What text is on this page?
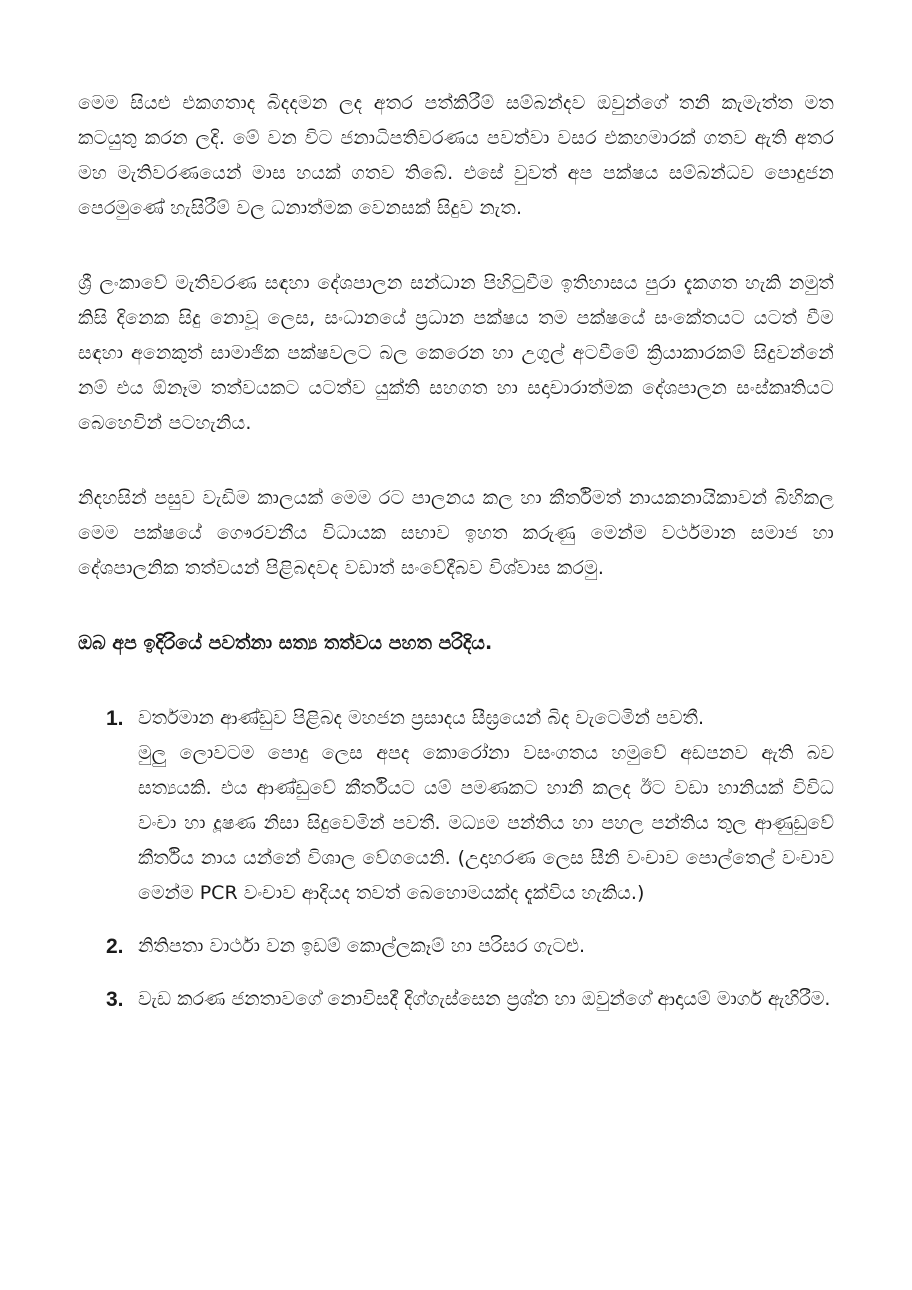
මෙම සියළු එකගතාද බිදදමන ලද අතර පත්කිරීම් සම්බන්දව ඔවුන්ගේ තනි කැමැත්ත මත කටයුතු කරන ලදි. මේ වන විට ජනාධිපතිවරණය පවත්වා වසර එකහමාරක් ගතව ඇති අතර මහ මැතිවරණයෙන් මාස හයක් ගතව තිබේ. එසේ වුවත් අප පක්ෂය සම්බන්ධව පොදුජන පෙරමුණේ හැසිරීම් වල ධනාත්මක වෙනසක් සිදුව නැත.

ශ්‍රී ලංකාවේ මැතිවරණ සඳහා දේශපාලන සන්ධාන පිහිටුවීම ඉතිහාසය පුරා දැකගත හැකි නමුත් කිසි දිනෙක සිදු නොවූ ලෙස, සංධානයේ ප්‍රධාන පක්ෂය තම පක්ෂයේ සංකේතයට යටත් වීම සඳහා අනෙකුත් සාමාජික පක්ෂවලට බල කෙරෙන හා උගුල් අටවීමේ ක්‍රියාකාරකම් සිදුවන්නේ නම් එය ඕනෑම තත්වයකට යටත්ව යුක්ති සහගත හා සදාචාරාත්මක දේශපාලන සංස්කෘතියට බෙහෙවින් පටහැනිය.

නිදහසින් පසුව වැඩිම කාලයක් මෙම රට පාලනය කල හා කීර්තිමත් නායකනායිකාවන් බිහිකල මෙම පක්ෂයේ ගෞරවනීය විධායක සභාව ඉහත කරුණු මෙන්ම වර්ථමාන සමාජ හා දේශපාලනික තත්වයන් පිළිබදවද වඩාත් සංවේදීබව විශ්වාස කරමු.

ඔබ අප ඉදිරියේ පවත්නා සත්‍ය තත්වය පහත පරිදිය.

1. වර්තමාන ආණ්ඩුව පිළිබද මහජන ප්‍රසාදය සීඝ්‍රයෙන් බිද වැටෙමින් පවතී.

මුලු ලොවටම පොදු ලෙස අපද කොරෝනා වසංගතය හමුවේ අඩපනව ඇති බව සත්‍යයකි. එය ආණ්ඩුවේ කීර්තියට යම් පමණකට හානි කලද ඊට වඩා හානියක් විවිධ වංචා හා දූෂණ නිසා සිදුවෙමින් පවතී. මධ්‍යම පන්තිය හා පහල පන්තිය තුල ආණුඩුවේ කීර්තිය නාය යන්නේ විශාල වේගයෙනි. (උදාහරණ ලෙස සීනි වංචාව පොල්තෙල් වංචාව මෙන්ම PCR වංචාව ආදියද තවත් බෙහොමයක්ද දැක්විය හැකිය.)

2. නිතිපතා වාර්ථා වන ඉඩම් කොල්ලකෑම් හා පරිසර ගැටළු.

3. වැඩ කරණ ජනතාවගේ නොවිසදී දිග්ගැස්සෙන ප්‍රශ්න හා ඔවුන්ගේ ආදායම් මාර්ග ඇහිරීම.
